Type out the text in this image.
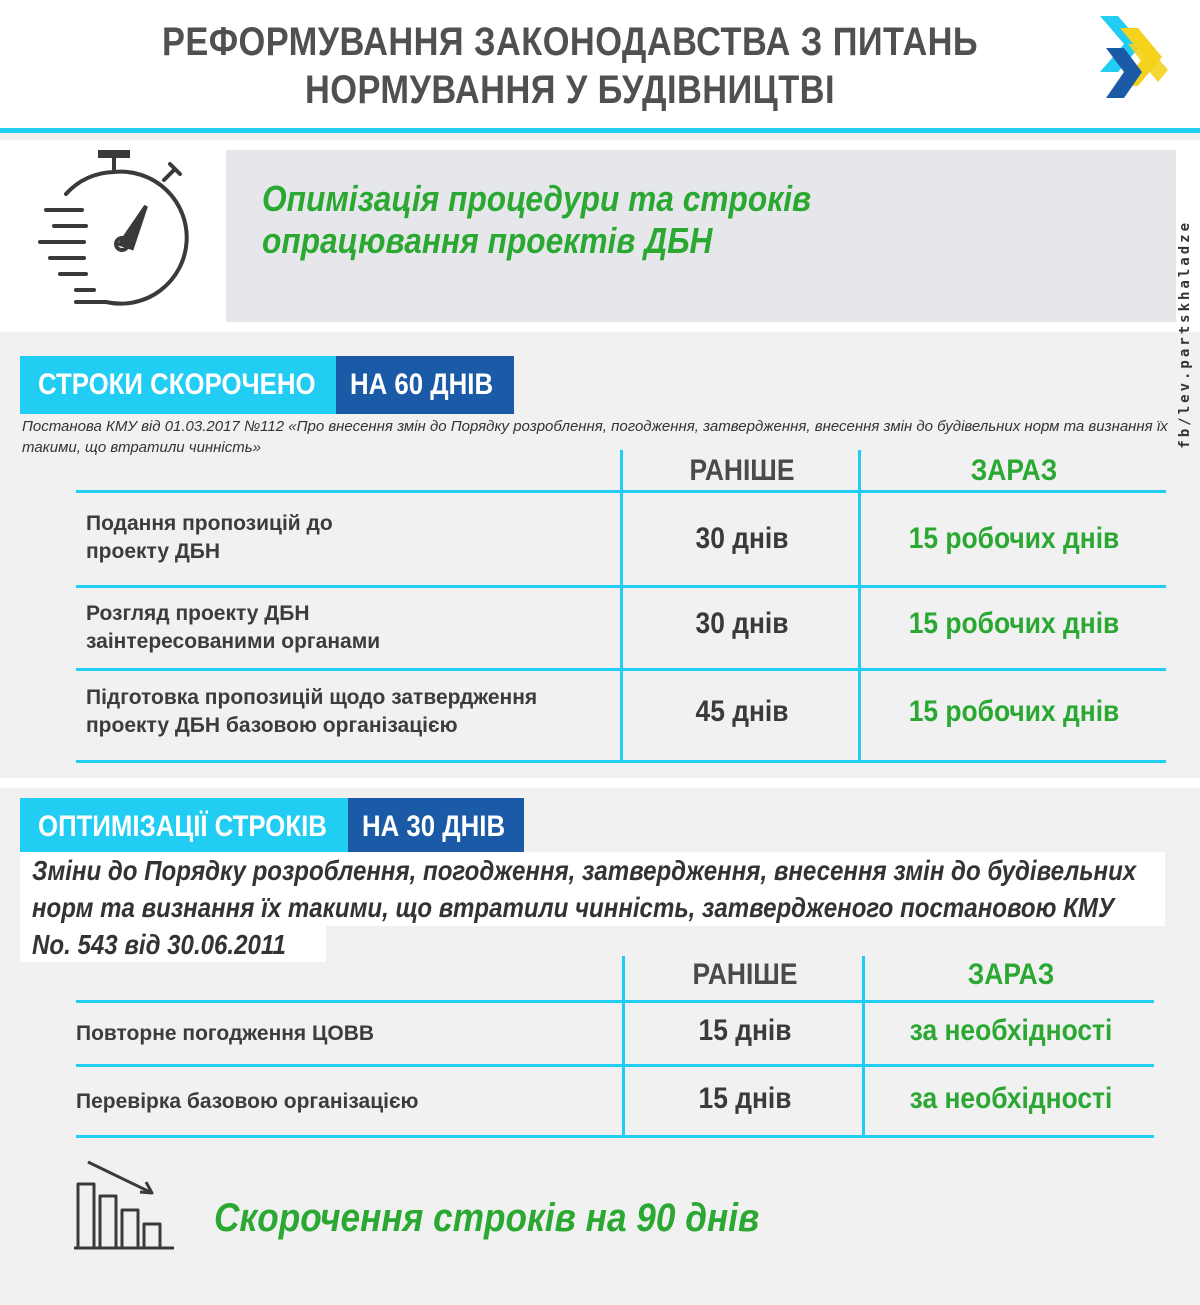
РЕФОРМУВАННЯ ЗАКОНОДАВСТВА З ПИТАНЬ
НОРМУВАННЯ У БУДІВНИЦТВІ
Опимізація процедури та строків опрацювання проектів ДБН	fb/lev.partskhaladze
СТРОКИ СКОРОЧЕНО НА 60 ДНІВ
Постанова КМУ від 01.03.2017 №112 «Про внесення змін до Порядку розроблення, погодження, затвердження, внесення змін до будівельних норм та визнання їх такими, що втратили чинність»
РАНІШЕ	ЗАРАЗ
Подання пропозицій до
проекту ДБН	30 днів	15 робочих днів
Розгляд проекту ДБН
заінтересованими органами
30 днів	15 робочих днів
Підготовка пропозицій щодо затвердження
проекту ДБН базовою організацією	45 днів	15 робочих днів
ОПТИМІЗАЦІЇ СТРОКІВ НА 30 ДНІВ
Зміни до Порядку розроблення, погодження, затвердження, внесення змін до будівельних
норм та визнання їх такими, що втратили чинність, затвердженого постановою КМУ
No. 543 від 30.06.2011
РАНІШЕ	ЗАРАЗ
Повторне погодження ЦОВВ	15 днів	за необхідності
Перевірка базовою організацією	15 днів	за необхідності
Скорочення строків на 90 днів
